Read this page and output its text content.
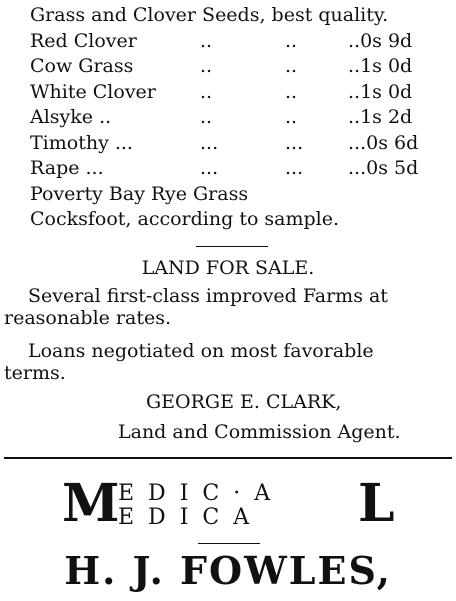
Grass and Clover Seeds, best quality.
Red Clover	..	..	..0s 9d
Cow Grass	..	..	..1s 0d
White Clover ..	..	..1s 0d
Alsyke ..	..	..	..1s 2d
Timothy ...	...	... ...0s 6d
Rape ...	...	... ...0s 5d
Poverty Bay Rye Grass
Cocksfoot, according to sample.
LAND FOR SALE.
Several first-class improved Farms at
reasonable rates.
Loans negotiated on most favorable
terms.
GEORGE E. CLARK,
Land and Commission Agent.
M
EDIC·A
EDICA	L
H. J. FOWLES,
